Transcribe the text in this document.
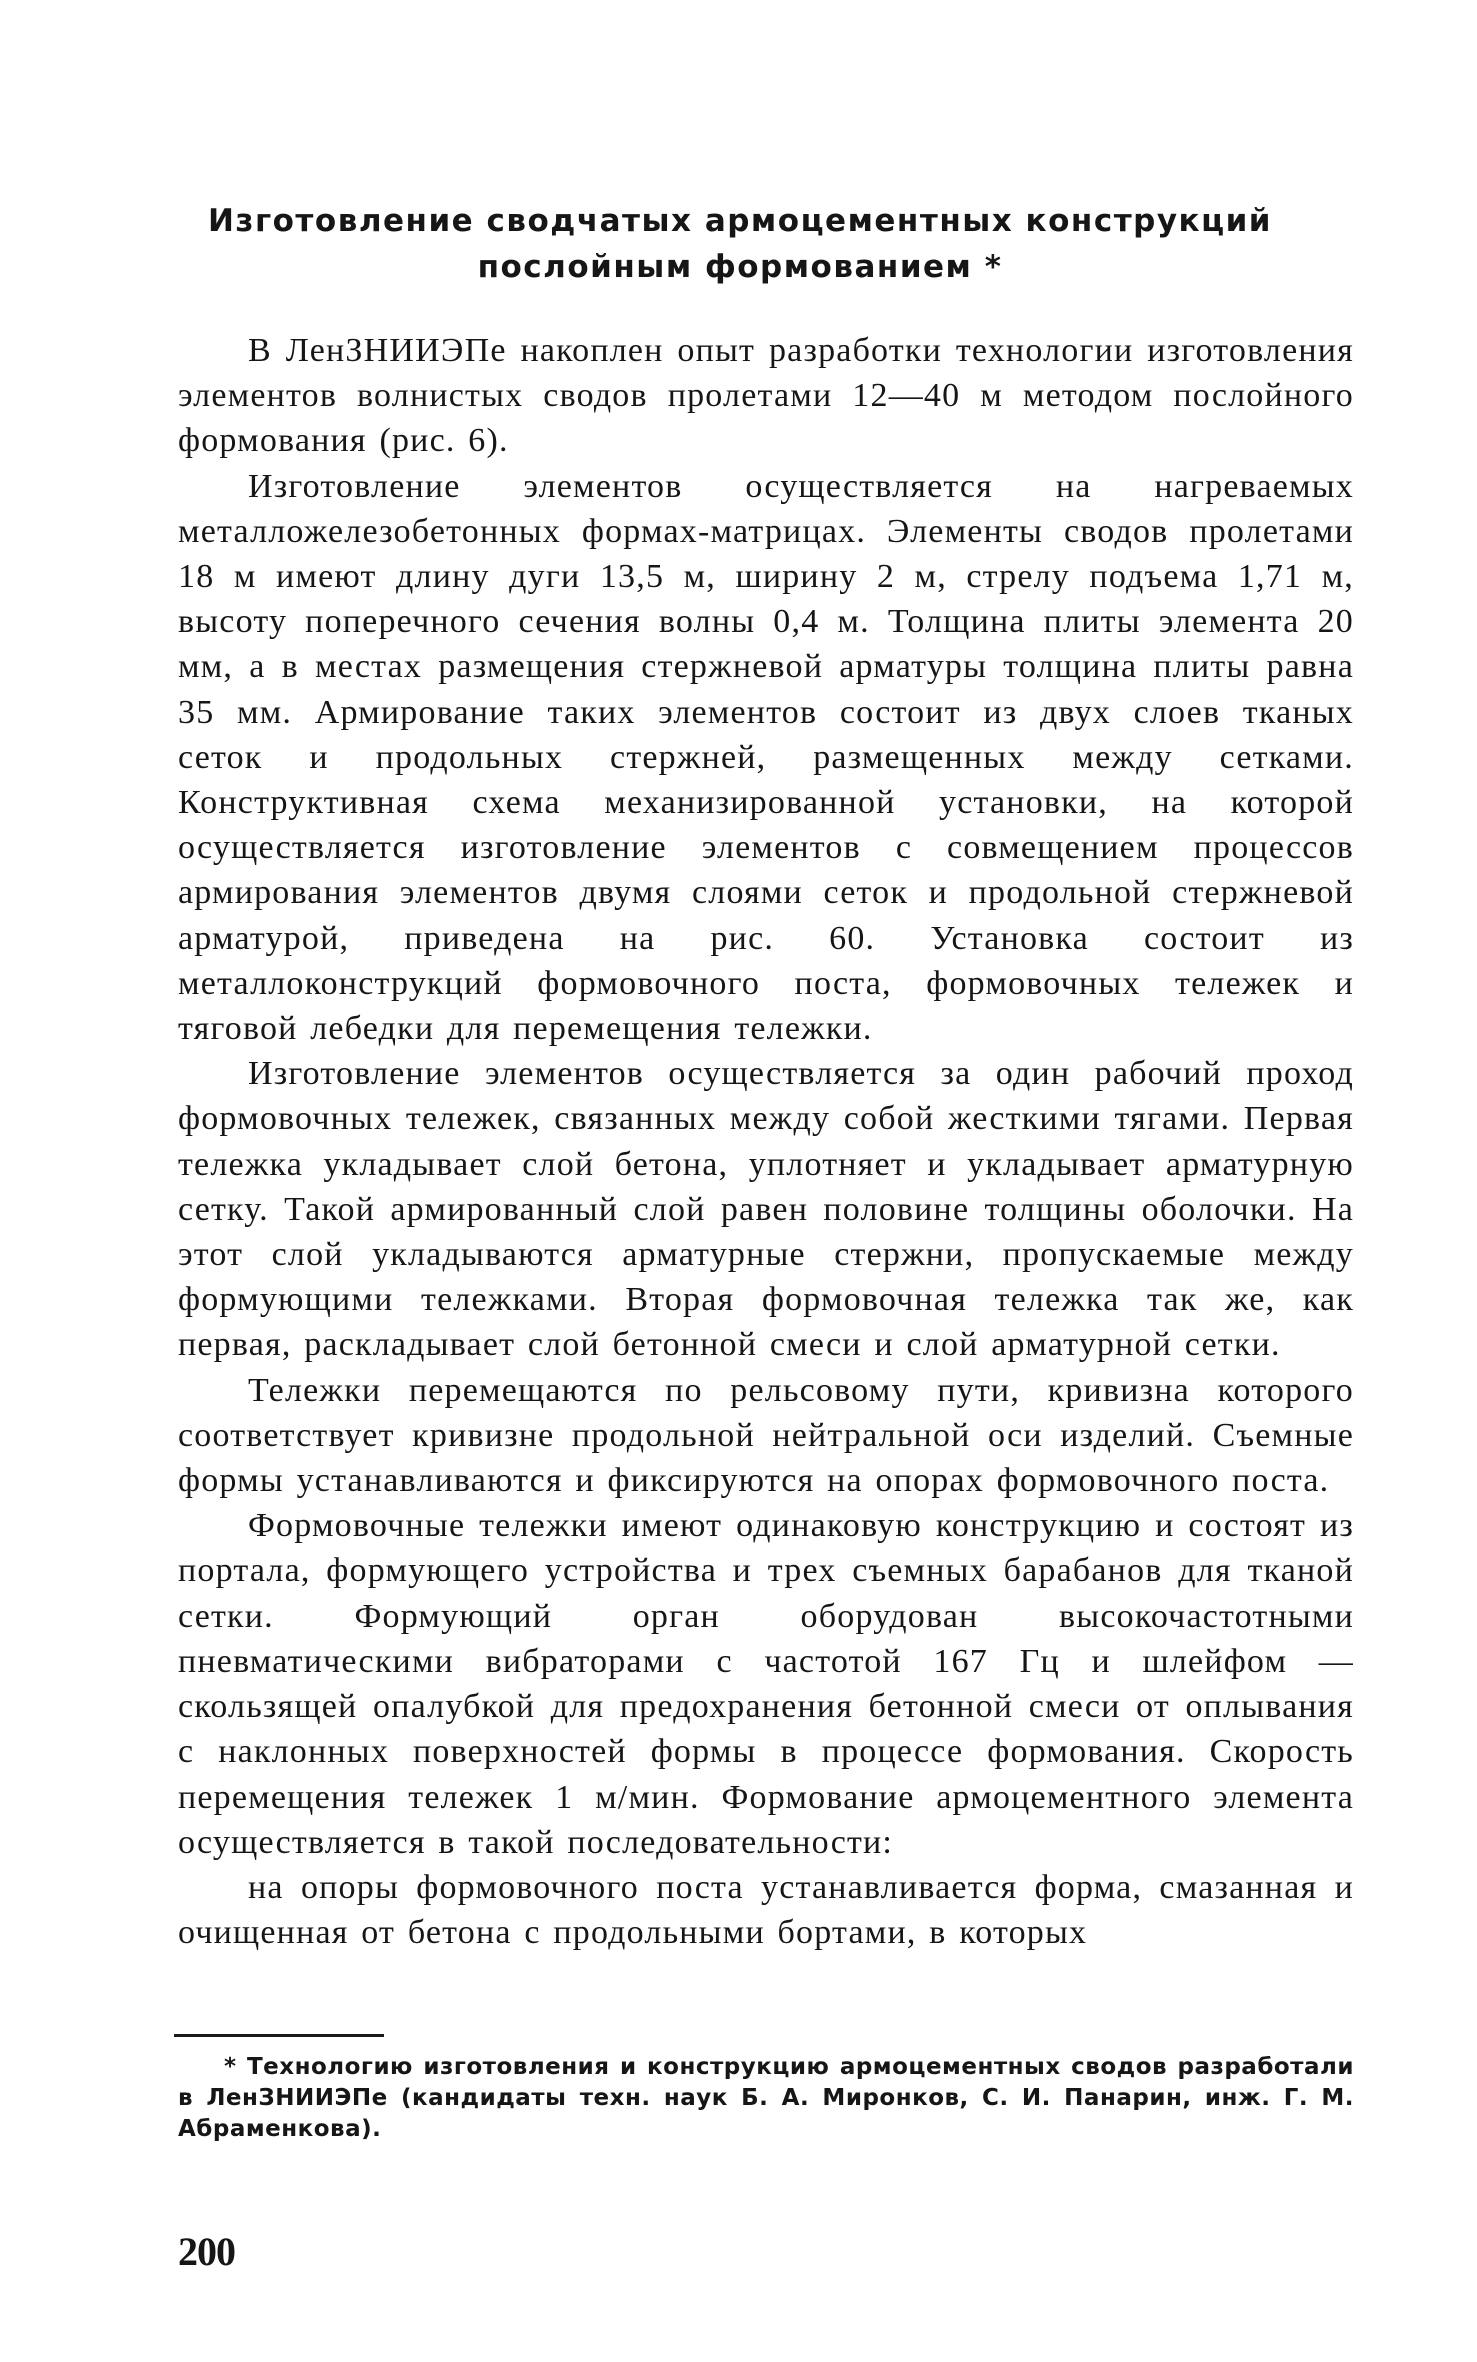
Изготовление сводчатых армоцементных конструкций
послойным формованием *

В ЛенЗНИИЭПе накоплен опыт разработки технологии изготовления элементов волнистых сводов пролетами 12—40 м методом послойного формования (рис. 6).

Изготовление элементов осуществляется на нагреваемых металложелезобетонных формах-матрицах. Элементы сводов пролетами 18 м имеют длину дуги 13,5 м, ширину 2 м, стрелу подъема 1,71 м, высоту поперечного сечения волны 0,4 м. Толщина плиты элемента 20 мм, а в местах размещения стержневой арматуры толщина плиты равна 35 мм. Армирование таких элементов состоит из двух слоев тканых сеток и продольных стержней, размещенных между сетками. Конструктивная схема механизированной установки, на которой осуществляется изготовление элементов с совмещением процессов армирования элементов двумя слоями сеток и продольной стержневой арматурой, приведена на рис. 60. Установка состоит из металлоконструкций формовочного поста, формовочных тележек и тяговой лебедки для перемещения тележки.

Изготовление элементов осуществляется за один рабочий проход формовочных тележек, связанных между собой жесткими тягами. Первая тележка укладывает слой бетона, уплотняет и укладывает арматурную сетку. Такой армированный слой равен половине толщины оболочки. На этот слой укладываются арматурные стержни, пропускаемые между формующими тележками. Вторая формовочная тележка так же, как первая, раскладывает слой бетонной смеси и слой арматурной сетки.

Тележки перемещаются по рельсовому пути, кривизна которого соответствует кривизне продольной нейтральной оси изделий. Съемные формы устанавливаются и фиксируются на опорах формовочного поста.

Формовочные тележки имеют одинаковую конструкцию и состоят из портала, формующего устройства и трех съемных барабанов для тканой сетки. Формующий орган оборудован высокочастотными пневматическими вибраторами с частотой 167 Гц и шлейфом — скользящей опалубкой для предохранения бетонной смеси от оплывания с наклонных поверхностей формы в процессе формования. Скорость перемещения тележек 1 м/мин. Формование армоцементного элемента осуществляется в такой последовательности:

на опоры формовочного поста устанавливается форма, смазанная и очищенная от бетона с продольными бортами, в которых

* Технологию изготовления и конструкцию армоцементных сводов разработали в ЛенЗНИИЭПе (кандидаты техн. наук Б. А. Миронков, С. И. Панарин, инж. Г. М. Абраменкова).
200
